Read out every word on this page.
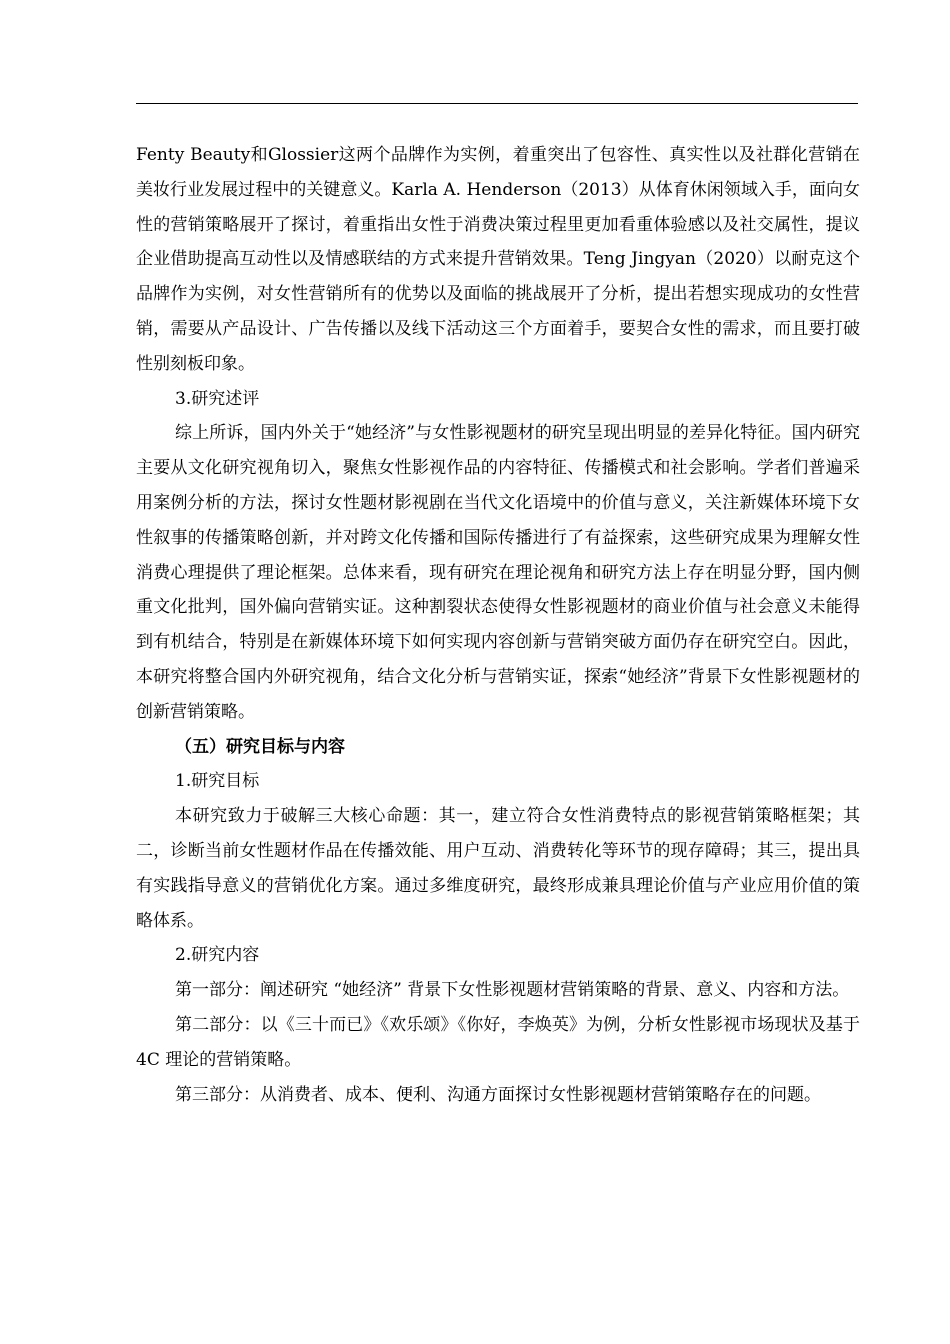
Fenty Beauty和Glossier这两个品牌作为实例，着重突出了包容性、真实性以及社群化营销在美妆行业发展过程中的关键意义。Karla A. Henderson（2013）从体育休闲领域入手，面向女性的营销策略展开了探讨，着重指出女性于消费决策过程里更加看重体验感以及社交属性，提议企业借助提高互动性以及情感联结的方式来提升营销效果。Teng Jingyan（2020）以耐克这个品牌作为实例，对女性营销所有的优势以及面临的挑战展开了分析，提出若想实现成功的女性营销，需要从产品设计、广告传播以及线下活动这三个方面着手，要契合女性的需求，而且要打破性别刻板印象。

3.研究述评

综上所诉，国内外关于“她经济”与女性影视题材的研究呈现出明显的差异化特征。国内研究主要从文化研究视角切入，聚焦女性影视作品的内容特征、传播模式和社会影响。学者们普遍采用案例分析的方法，探讨女性题材影视剧在当代文化语境中的价值与意义，关注新媒体环境下女性叙事的传播策略创新，并对跨文化传播和国际传播进行了有益探索，这些研究成果为理解女性消费心理提供了理论框架。总体来看，现有研究在理论视角和研究方法上存在明显分野，国内侧重文化批判，国外偏向营销实证。这种割裂状态使得女性影视题材的商业价值与社会意义未能得到有机结合，特别是在新媒体环境下如何实现内容创新与营销突破方面仍存在研究空白。因此，本研究将整合国内外研究视角，结合文化分析与营销实证，探索“她经济”背景下女性影视题材的创新营销策略。

（五）研究目标与内容

1.研究目标

本研究致力于破解三大核心命题：其一，建立符合女性消费特点的影视营销策略框架；其二，诊断当前女性题材作品在传播效能、用户互动、消费转化等环节的现存障碍；其三，提出具有实践指导意义的营销优化方案。通过多维度研究，最终形成兼具理论价值与产业应用价值的策略体系。

2.研究内容

第一部分：阐述研究 “她经济” 背景下女性影视题材营销策略的背景、意义、内容和方法。

第二部分：以《三十而已》《欢乐颂》《你好，李焕英》为例，分析女性影视市场现状及基于 4C 理论的营销策略。

第三部分：从消费者、成本、便利、沟通方面探讨女性影视题材营销策略存在的问题。
